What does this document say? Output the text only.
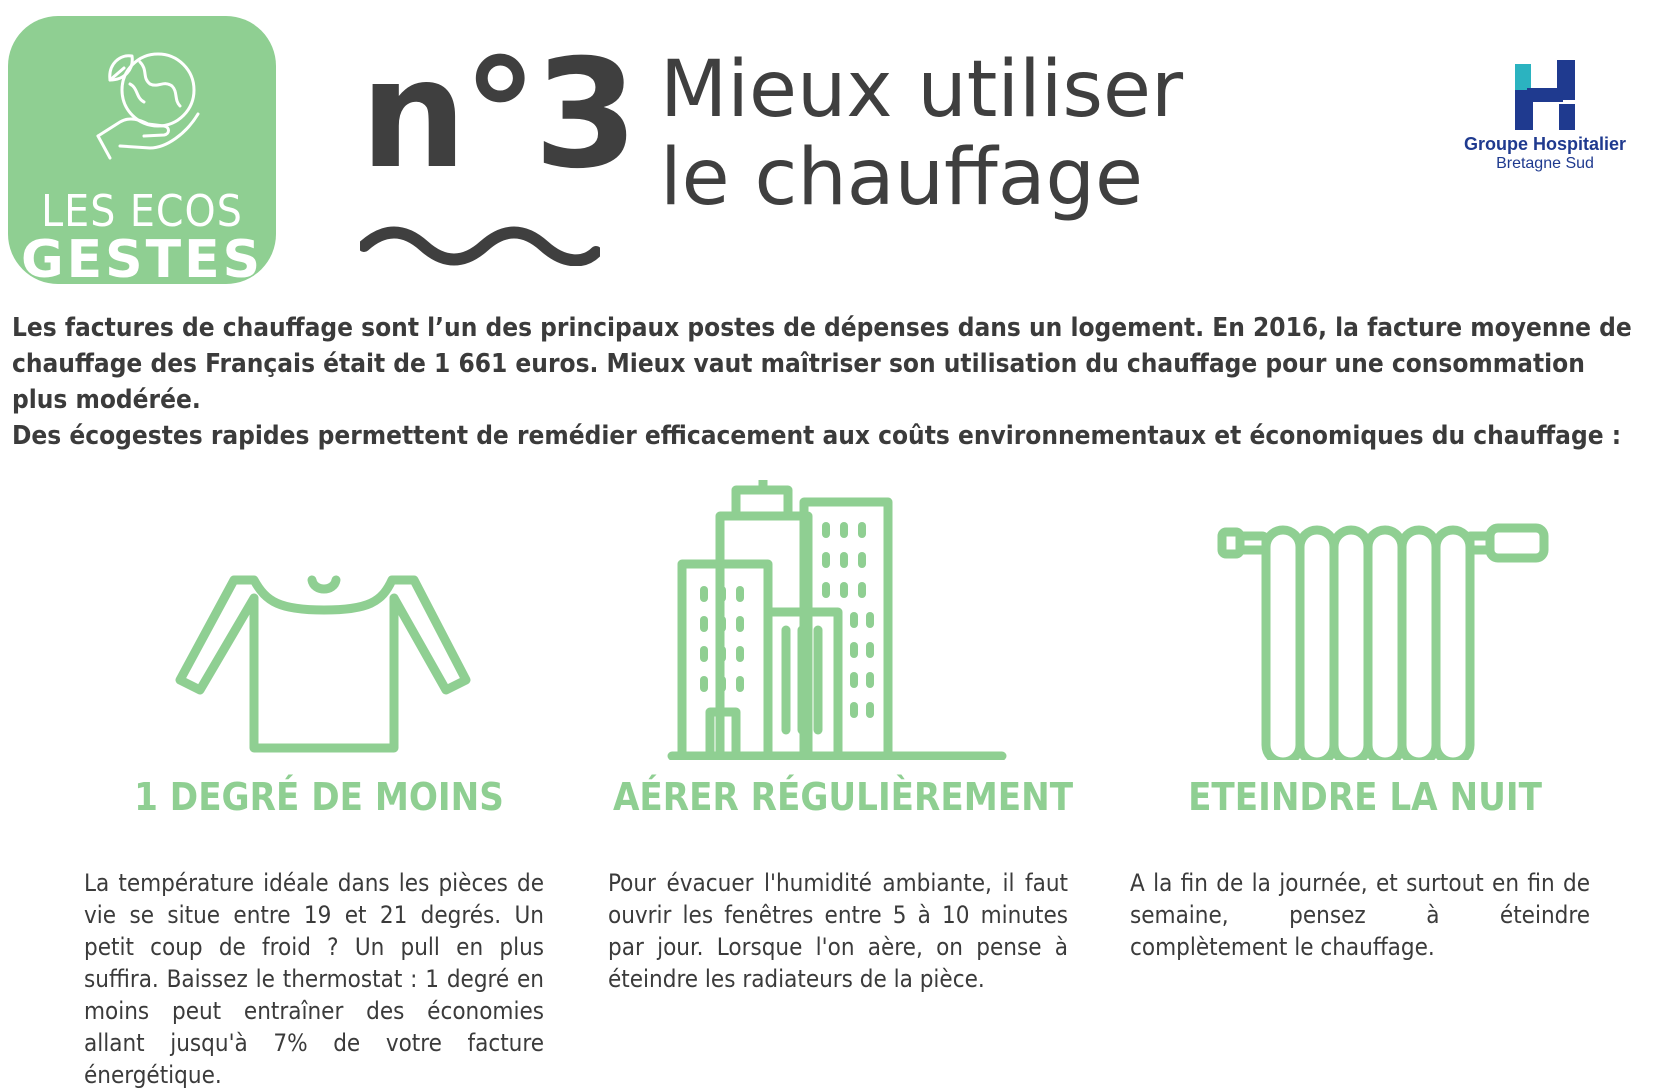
LES ECOS
GESTES
n°3 Mieux utiliser
le chauffage	Groupe Hospitalier
Bretagne Sud

Les factures de chauffage sont l’un des principaux postes de dépenses dans un logement. En 2016, la facture moyenne de chauffage des Français était de 1 661 euros. Mieux vaut maîtriser son utilisation du chauffage pour une consommation plus modérée.

Des écogestes rapides permettent de remédier efficacement aux coûts environnementaux et économiques du chauffage :

1 DEGRÉ DE MOINS

La température idéale dans les pièces de vie se situe entre 19 et 21 degrés. Un petit coup de froid ? Un pull en plus suffira. Baissez le thermostat : 1 degré en moins peut entraîner des économies allant jusqu'à 7% de votre facture énergétique.

AÉRER RÉGULIÈREMENT

Pour évacuer l'humidité ambiante, il faut ouvrir les fenêtres entre 5 à 10 minutes par jour. Lorsque l'on aère, on pense à éteindre les radiateurs de la pièce.

ETEINDRE LA NUIT

A la fin de la journée, et surtout en fin de semaine, pensez à éteindre complètement le chauffage.
